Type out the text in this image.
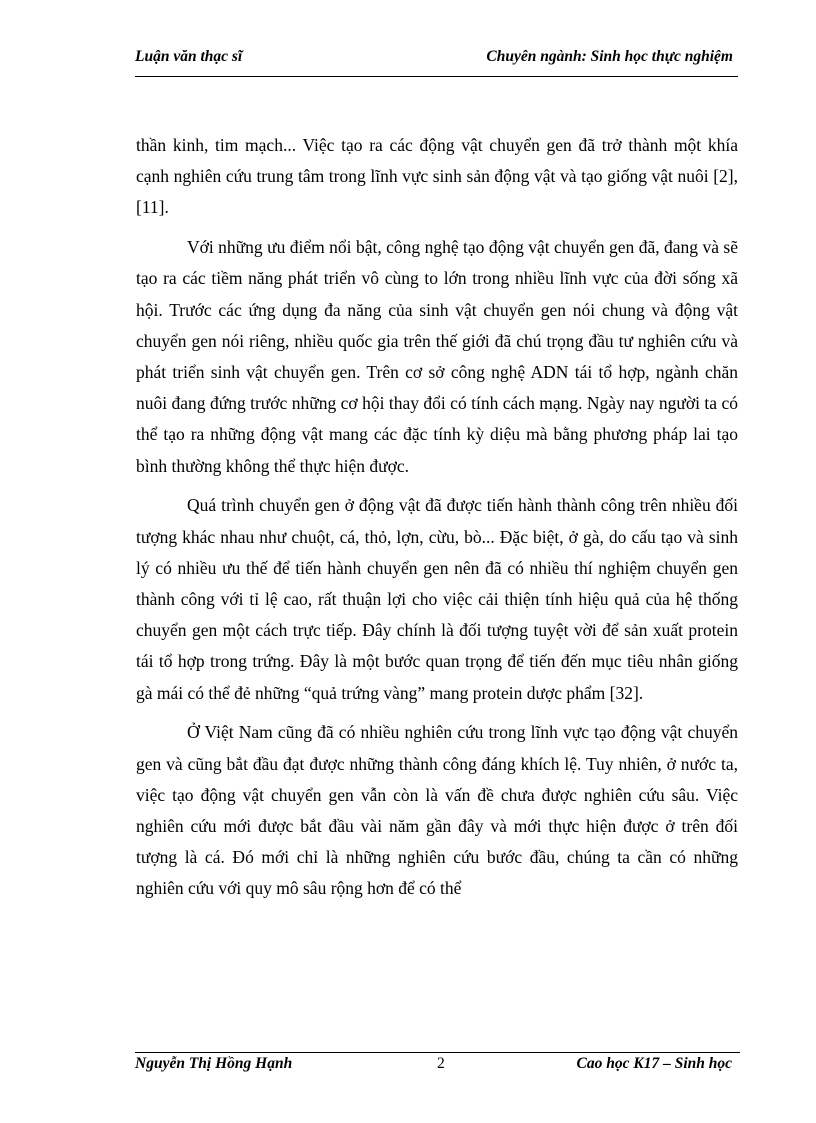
Luận văn thạc sĩ	Chuyên ngành: Sinh học thực nghiệm

thần kinh, tim mạch... Việc tạo ra các động vật chuyển gen đã trở thành một khía cạnh nghiên cứu trung tâm trong lĩnh vực sinh sản động vật và tạo giống vật nuôi [2],[11].

Với những ưu điểm nổi bật, công nghệ tạo động vật chuyển gen đã, đang và sẽ tạo ra các tiềm năng phát triển vô cùng to lớn trong nhiều lĩnh vực của đời sống xã hội. Trước các ứng dụng đa năng của sinh vật chuyển gen nói chung và động vật chuyển gen nói riêng, nhiều quốc gia trên thế giới đã chú trọng đầu tư nghiên cứu và phát triển sinh vật chuyển gen. Trên cơ sở công nghệ ADN tái tổ hợp, ngành chăn nuôi đang đứng trước những cơ hội thay đổi có tính cách mạng. Ngày nay người ta có thể tạo ra những động vật mang các đặc tính kỳ diệu mà bằng phương pháp lai tạo bình thường không thể thực hiện được.

Quá trình chuyển gen ở động vật đã được tiến hành thành công trên nhiều đối tượng khác nhau như chuột, cá, thỏ, lợn, cừu, bò... Đặc biệt, ở gà, do cấu tạo và sinh lý có nhiều ưu thế để tiến hành chuyển gen nên đã có nhiều thí nghiệm chuyển gen thành công với tỉ lệ cao, rất thuận lợi cho việc cải thiện tính hiệu quả của hệ thống chuyển gen một cách trực tiếp. Đây chính là đối tượng tuyệt vời để sản xuất protein tái tổ hợp trong trứng. Đây là một bước quan trọng để tiến đến mục tiêu nhân giống gà mái có thể đẻ những “quả trứng vàng” mang protein dược phẩm [32].

Ở Việt Nam cũng đã có nhiều nghiên cứu trong lĩnh vực tạo động vật chuyển gen và cũng bắt đầu đạt được những thành công đáng khích lệ. Tuy nhiên, ở nước ta, việc tạo động vật chuyển gen vẫn còn là vấn đề chưa được nghiên cứu sâu. Việc nghiên cứu mới được bắt đầu vài năm gần đây và mới thực hiện được ở trên đối tượng là cá. Đó mới chỉ là những nghiên cứu bước đầu, chúng ta cần có những nghiên cứu với quy mô sâu rộng hơn để có thể

Nguyễn Thị Hồng Hạnh	2	Cao học K17 – Sinh học
